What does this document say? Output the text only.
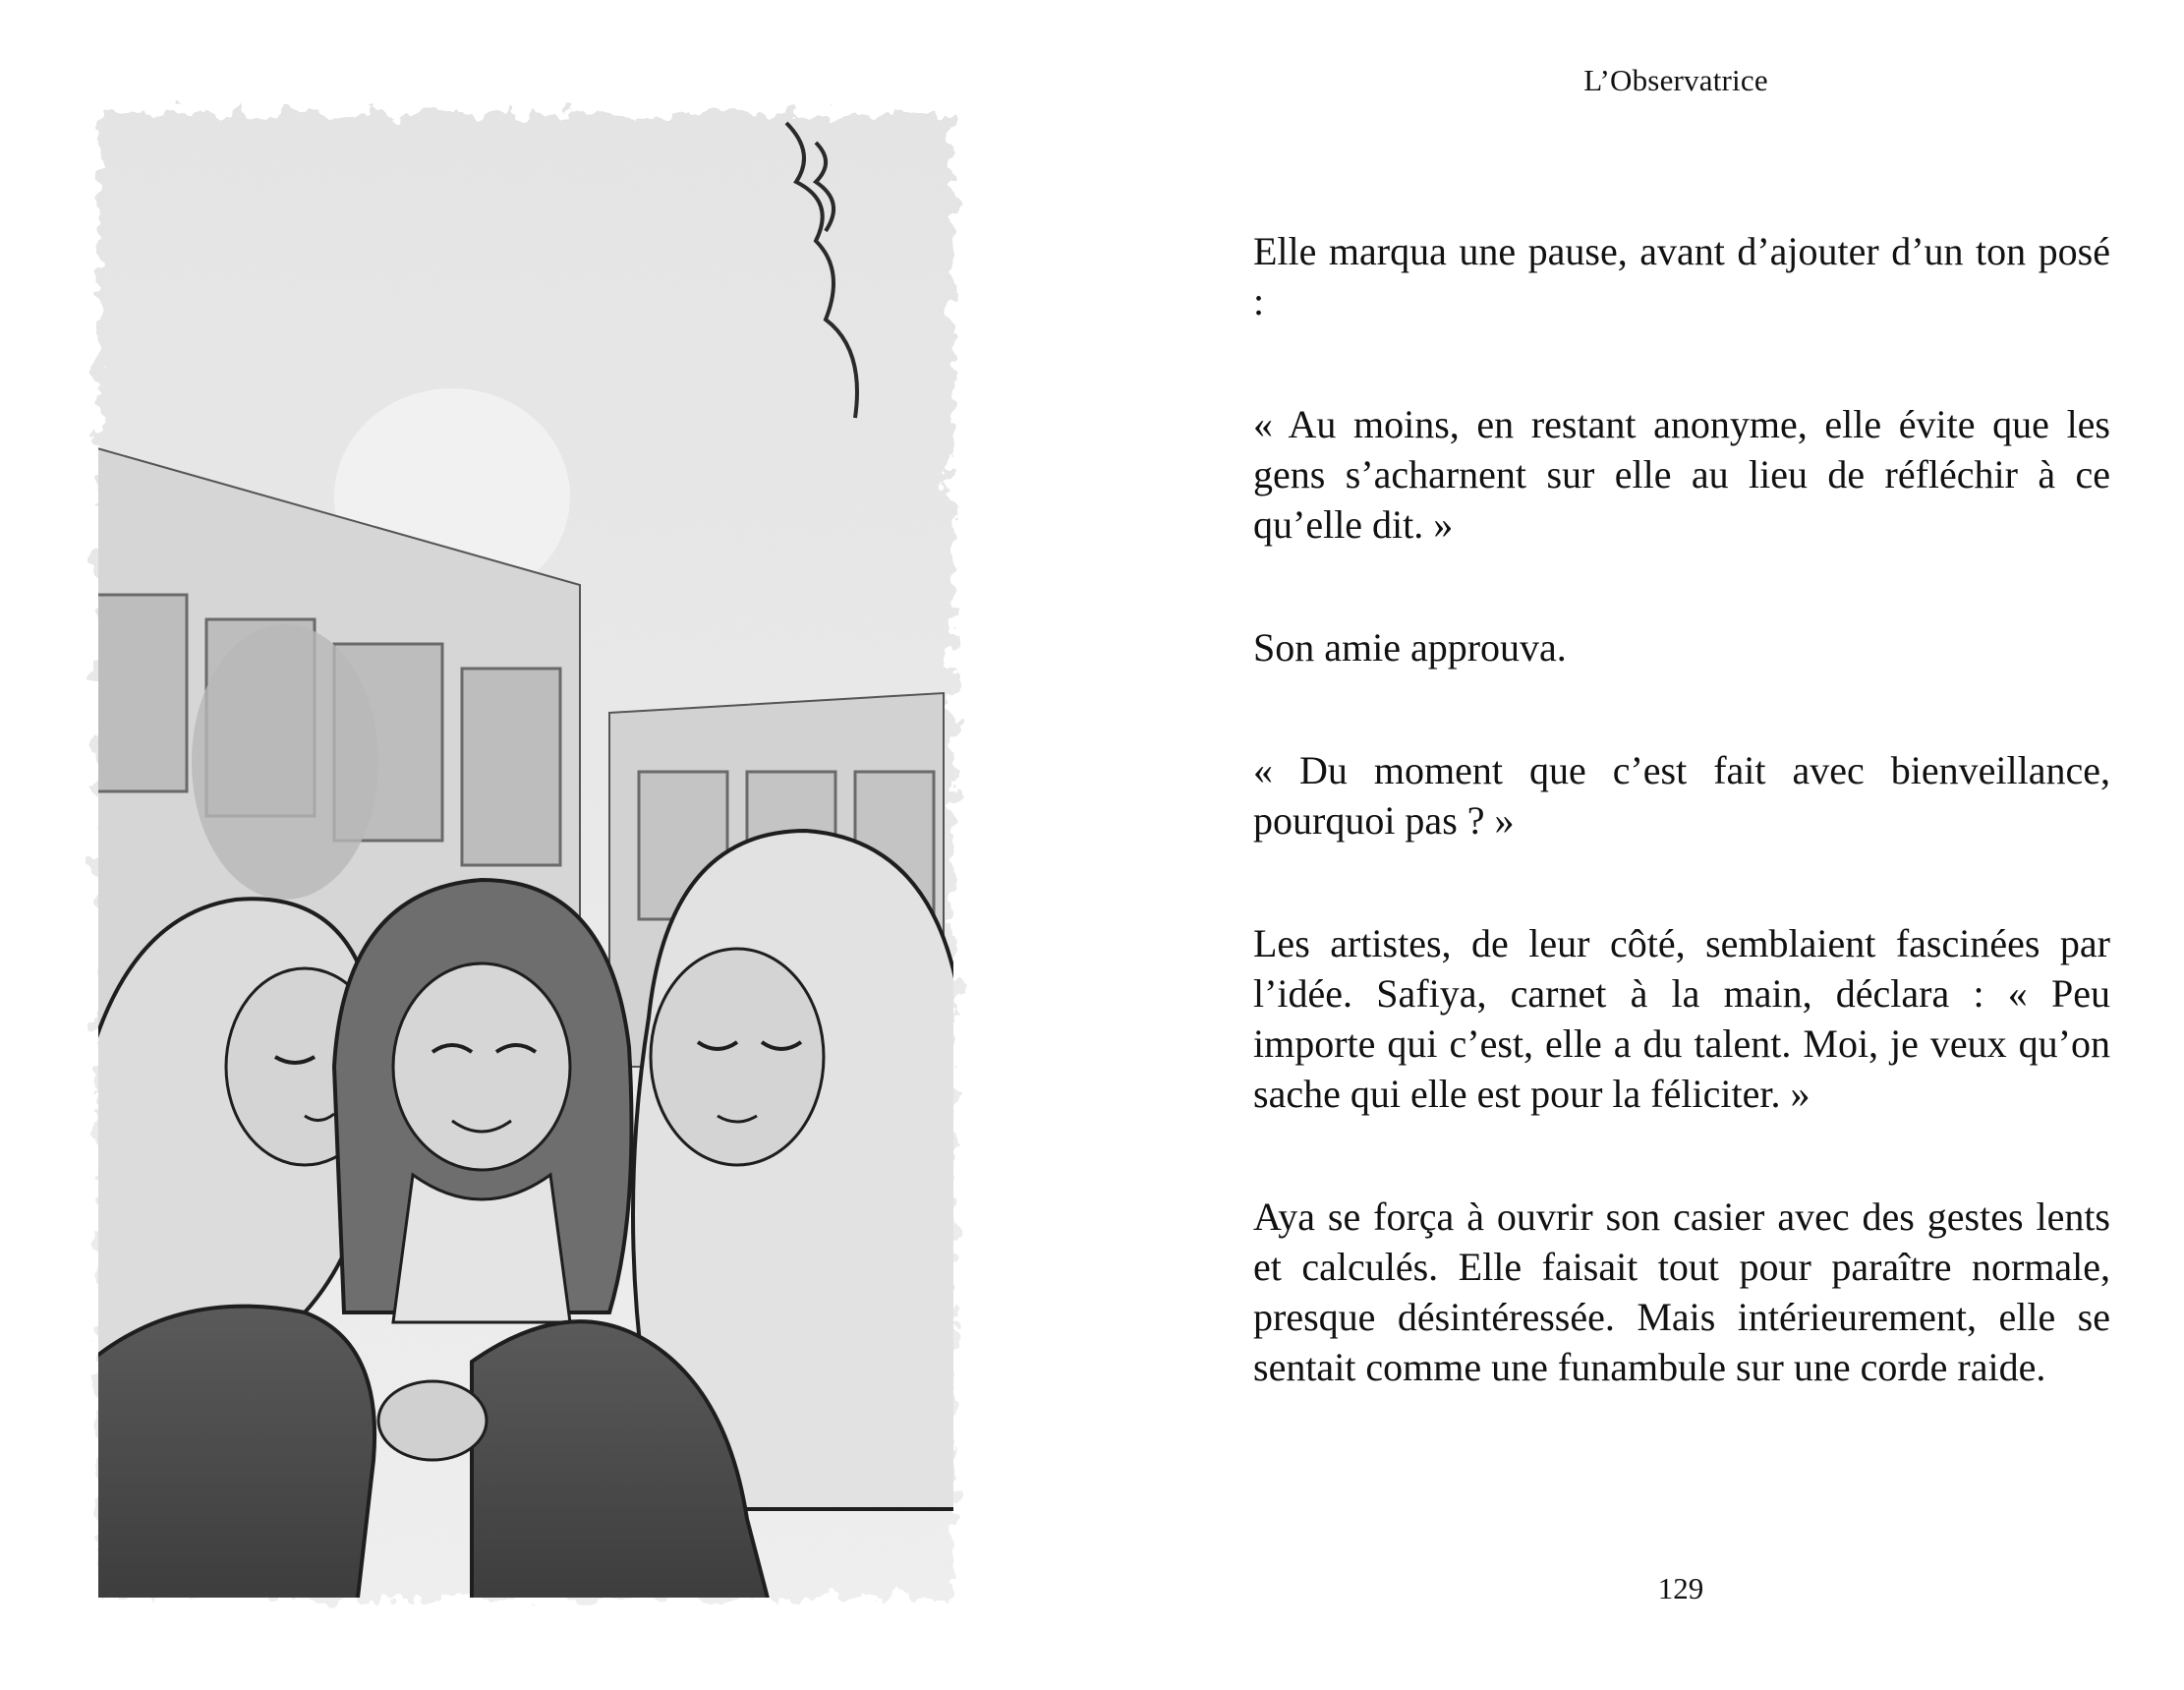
L’Observatrice

Elle marqua une pause, avant d’ajouter d’un ton posé :

« Au moins, en restant anonyme, elle évite que les gens s’acharnent sur elle au lieu de réfléchir à ce qu’elle dit. »

Son amie approuva.

« Du moment que c’est fait avec bienveillance, pourquoi pas ? »

Les artistes, de leur côté, semblaient fascinées par l’idée. Safiya, carnet à la main, déclara : « Peu importe qui c’est, elle a du talent. Moi, je veux qu’on sache qui elle est pour la féliciter. »

Aya se força à ouvrir son casier avec des gestes lents et calculés. Elle faisait tout pour paraître normale, presque désintéressée. Mais intérieurement, elle se sentait comme une funambule sur une corde raide.

129
